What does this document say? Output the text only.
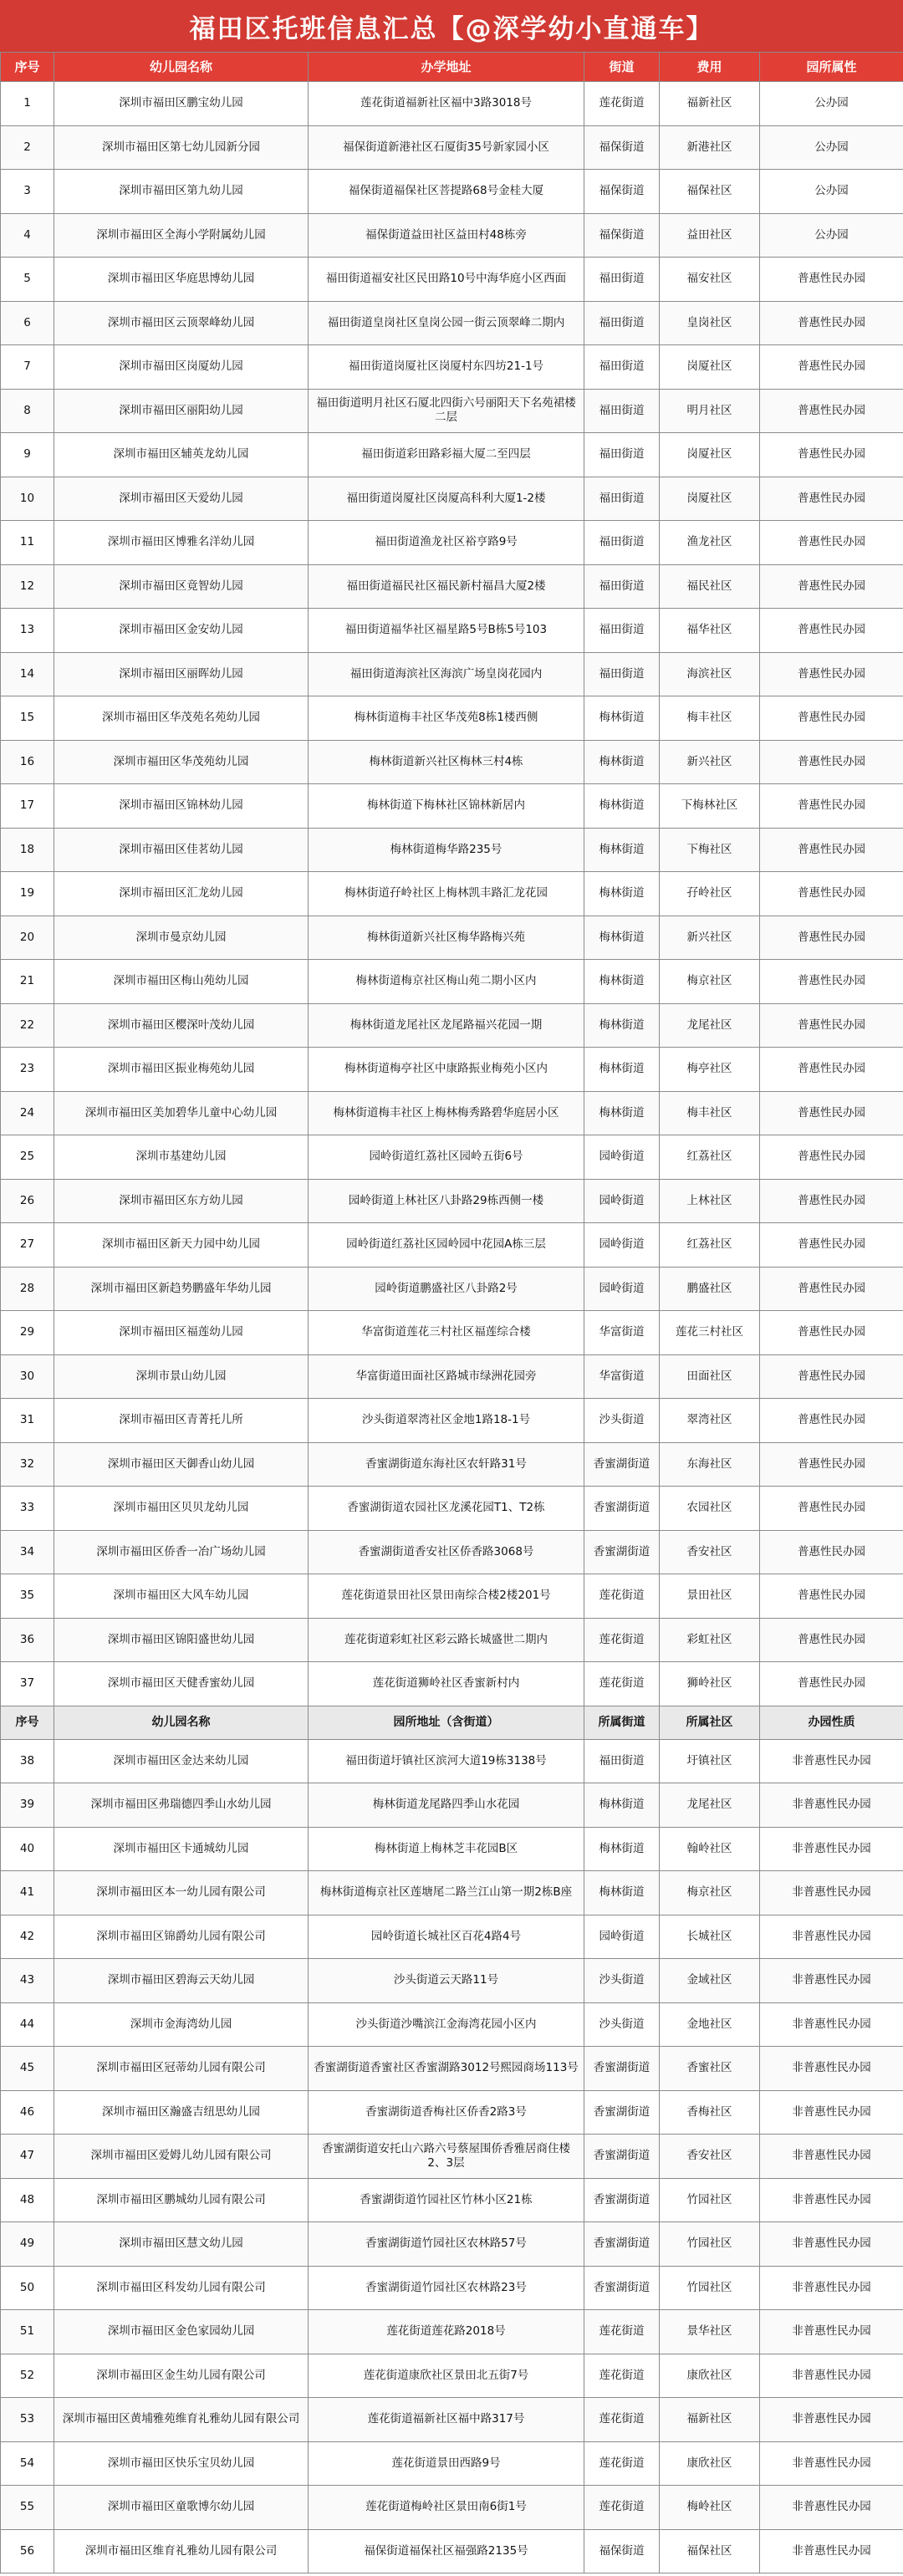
福田区托班信息汇总【@深学幼小直通车】
序号	幼儿园名称	办学地址	街道	费用	园所属性
1	深圳市福田区鹏宝幼儿园	莲花街道福新社区福中3路3018号	莲花街道	福新社区	公办园
2	深圳市福田区第七幼儿园新分园	福保街道新港社区石厦街35号新家园小区	福保街道	新港社区	公办园
3	深圳市福田区第九幼儿园	福保街道福保社区菩提路68号金桂大厦	福保街道	福保社区	公办园
4	深圳市福田区全海小学附属幼儿园	福保街道益田社区益田村48栋旁	福保街道	益田社区	公办园
5	深圳市福田区华庭思博幼儿园	福田街道福安社区民田路10号中海华庭小区西面	福田街道	福安社区	普惠性民办园
6	深圳市福田区云顶翠峰幼儿园	福田街道皇岗社区皇岗公园一街云顶翠峰二期内	福田街道	皇岗社区	普惠性民办园
7	深圳市福田区岗厦幼儿园	福田街道岗厦社区岗厦村东四坊21-1号	福田街道	岗厦社区	普惠性民办园
8	深圳市福田区丽阳幼儿园	福田街道明月社区石厦北四街六号丽阳天下名苑裙楼二层	福田街道	明月社区	普惠性民办园
9	深圳市福田区辅英龙幼儿园	福田街道彩田路彩福大厦二至四层	福田街道	岗厦社区	普惠性民办园
10	深圳市福田区天爱幼儿园	福田街道岗厦社区岗厦高科利大厦1-2楼	福田街道	岗厦社区	普惠性民办园
11	深圳市福田区博雅名洋幼儿园	福田街道渔龙社区裕亨路9号	福田街道	渔龙社区	普惠性民办园
12	深圳市福田区竟智幼儿园	福田街道福民社区福民新村福昌大厦2楼	福田街道	福民社区	普惠性民办园
13	深圳市福田区金安幼儿园	福田街道福华社区福星路5号B栋5号103	福田街道	福华社区	普惠性民办园
14	深圳市福田区丽晖幼儿园	福田街道海滨社区海滨广场皇岗花园内	福田街道	海滨社区	普惠性民办园
15	深圳市福田区华茂苑名苑幼儿园	梅林街道梅丰社区华茂苑8栋1楼西侧	梅林街道	梅丰社区	普惠性民办园
16	深圳市福田区华茂苑幼儿园	梅林街道新兴社区梅林三村4栋	梅林街道	新兴社区	普惠性民办园
17	深圳市福田区锦林幼儿园	梅林街道下梅林社区锦林新居内	梅林街道	下梅林社区	普惠性民办园
18	深圳市福田区佳茗幼儿园	梅林街道梅华路235号	梅林街道	下梅社区	普惠性民办园
19	深圳市福田区汇龙幼儿园	梅林街道孖岭社区上梅林凯丰路汇龙花园	梅林街道	孖岭社区	普惠性民办园
20	深圳市曼京幼儿园	梅林街道新兴社区梅华路梅兴苑	梅林街道	新兴社区	普惠性民办园
21	深圳市福田区梅山苑幼儿园	梅林街道梅京社区梅山苑二期小区内	梅林街道	梅京社区	普惠性民办园
22	深圳市福田区樱深叶茂幼儿园	梅林街道龙尾社区龙尾路福兴花园一期	梅林街道	龙尾社区	普惠性民办园
23	深圳市福田区振业梅苑幼儿园	梅林街道梅亭社区中康路振业梅苑小区内	梅林街道	梅亭社区	普惠性民办园
24	深圳市福田区美加碧华儿童中心幼儿园	梅林街道梅丰社区上梅林梅秀路碧华庭居小区	梅林街道	梅丰社区	普惠性民办园
25	深圳市基建幼儿园	园岭街道红荔社区园岭五街6号	园岭街道	红荔社区	普惠性民办园
26	深圳市福田区东方幼儿园	园岭街道上林社区八卦路29栋西侧一楼	园岭街道	上林社区	普惠性民办园
27	深圳市福田区新天力园中幼儿园	园岭街道红荔社区园岭园中花园A栋三层	园岭街道	红荔社区	普惠性民办园
28	深圳市福田区新趋势鹏盛年华幼儿园	园岭街道鹏盛社区八卦路2号	园岭街道	鹏盛社区	普惠性民办园
29	深圳市福田区福莲幼儿园	华富街道莲花三村社区福莲综合楼	华富街道	莲花三村社区	普惠性民办园
30	深圳市景山幼儿园	华富街道田面社区路城市绿洲花园旁	华富街道	田面社区	普惠性民办园
31	深圳市福田区青菁托儿所	沙头街道翠湾社区金地1路18-1号	沙头街道	翠湾社区	普惠性民办园
32	深圳市福田区天御香山幼儿园	香蜜湖街道东海社区农轩路31号	香蜜湖街道	东海社区	普惠性民办园
33	深圳市福田区贝贝龙幼儿园	香蜜湖街道农园社区龙溪花园T1、T2栋	香蜜湖街道	农园社区	普惠性民办园
34	深圳市福田区侨香一冶广场幼儿园	香蜜湖街道香安社区侨香路3068号	香蜜湖街道	香安社区	普惠性民办园
35	深圳市福田区大风车幼儿园	莲花街道景田社区景田南综合楼2楼201号	莲花街道	景田社区	普惠性民办园
36	深圳市福田区锦阳盛世幼儿园	莲花街道彩虹社区彩云路长城盛世二期内	莲花街道	彩虹社区	普惠性民办园
37	深圳市福田区天健香蜜幼儿园	莲花街道狮岭社区香蜜新村内	莲花街道	狮岭社区	普惠性民办园
序号	幼儿园名称	园所地址（含街道）	所属街道	所属社区	办园性质
38	深圳市福田区金达来幼儿园	福田街道圩镇社区滨河大道19栋3138号	福田街道	圩镇社区	非普惠性民办园
39	深圳市福田区弗瑞德四季山水幼儿园	梅林街道龙尾路四季山水花园	梅林街道	龙尾社区	非普惠性民办园
40	深圳市福田区卡通城幼儿园	梅林街道上梅林芝丰花园B区	梅林街道	翰岭社区	非普惠性民办园
41	深圳市福田区本一幼儿园有限公司	梅林街道梅京社区莲塘尾二路兰江山第一期2栋B座	梅林街道	梅京社区	非普惠性民办园
42	深圳市福田区锦爵幼儿园有限公司	园岭街道长城社区百花4路4号	园岭街道	长城社区	非普惠性民办园
43	深圳市福田区碧海云天幼儿园	沙头街道云天路11号	沙头街道	金域社区	非普惠性民办园
44	深圳市金海湾幼儿园	沙头街道沙嘴滨江金海湾花园小区内	沙头街道	金地社区	非普惠性民办园
45	深圳市福田区冠蒂幼儿园有限公司	香蜜湖街道香蜜社区香蜜湖路3012号熙园商场113号	香蜜湖街道	香蜜社区	非普惠性民办园
46	深圳市福田区瀚盛吉纽思幼儿园	香蜜湖街道香梅社区侨香2路3号	香蜜湖街道	香梅社区	非普惠性民办园
47	深圳市福田区爱姆儿幼儿园有限公司	香蜜湖街道安托山六路六号蔡屋围侨香雅居商住楼2、3层	香蜜湖街道	香安社区	非普惠性民办园
48	深圳市福田区鹏城幼儿园有限公司	香蜜湖街道竹园社区竹林小区21栋	香蜜湖街道	竹园社区	非普惠性民办园
49	深圳市福田区慧文幼儿园	香蜜湖街道竹园社区农林路57号	香蜜湖街道	竹园社区	非普惠性民办园
50	深圳市福田区科发幼儿园有限公司	香蜜湖街道竹园社区农林路23号	香蜜湖街道	竹园社区	非普惠性民办园
51	深圳市福田区金色家园幼儿园	莲花街道莲花路2018号	莲花街道	景华社区	非普惠性民办园
52	深圳市福田区金生幼儿园有限公司	莲花街道康欣社区景田北五街7号	莲花街道	康欣社区	非普惠性民办园
53	深圳市福田区黄埔雅苑维育礼雅幼儿园有限公司	莲花街道福新社区福中路317号	莲花街道	福新社区	非普惠性民办园
54	深圳市福田区快乐宝贝幼儿园	莲花街道景田西路9号	莲花街道	康欣社区	非普惠性民办园
55	深圳市福田区童歌博尔幼儿园	莲花街道梅岭社区景田南6街1号	莲花街道	梅岭社区	非普惠性民办园
56	深圳市福田区维育礼雅幼儿园有限公司	福保街道福保社区福强路2135号	福保街道	福保社区	非普惠性民办园
